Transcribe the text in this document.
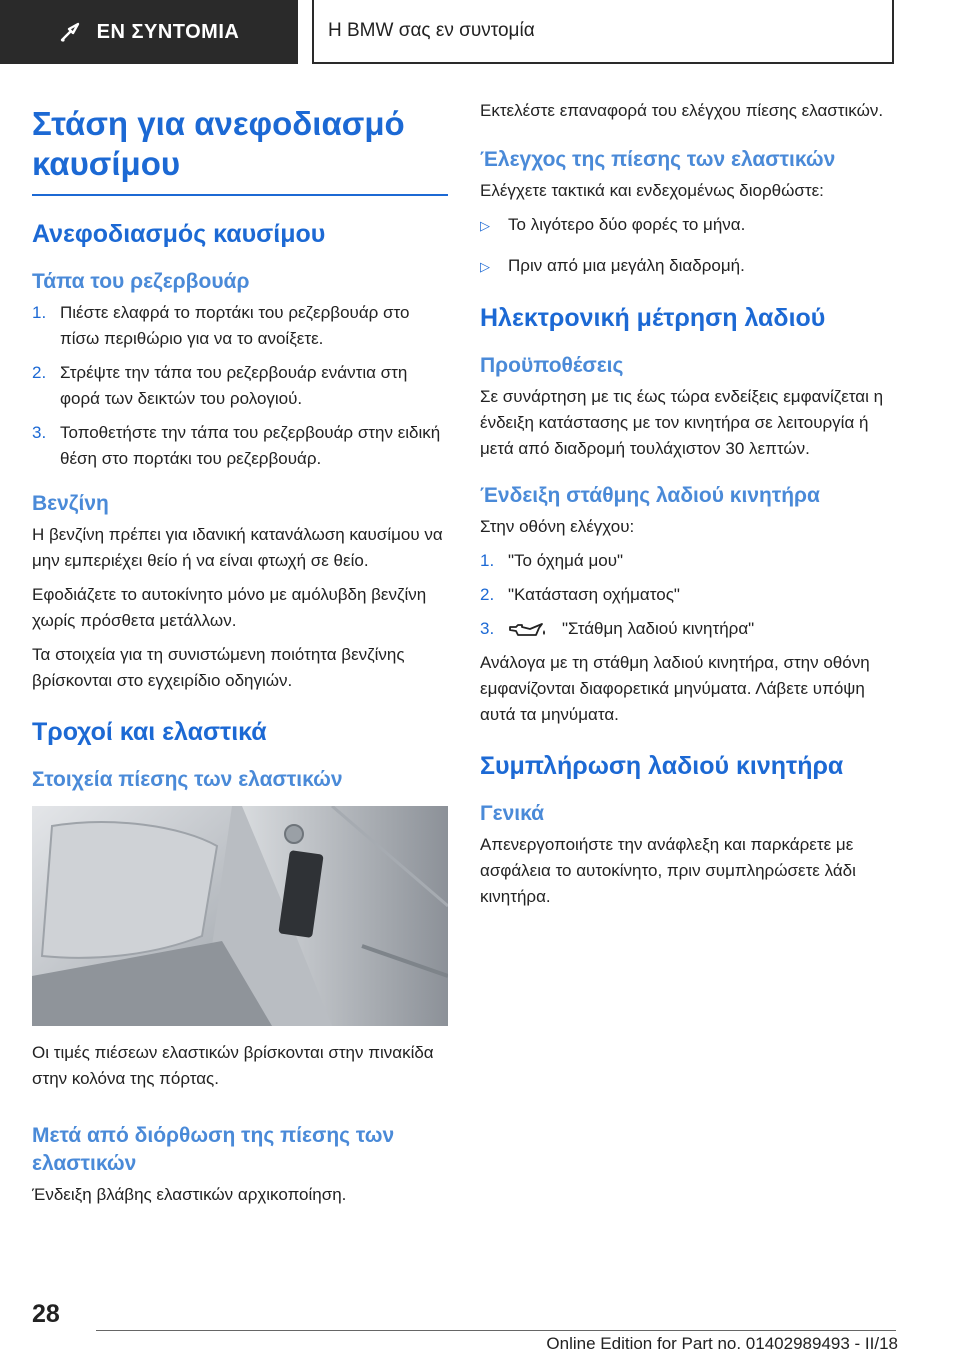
ΕΝ ΣΥΝΤΟΜΙΑ	Η BMW σας εν συντομία
Στάση για ανεφοδιασμό καυσίμου
Ανεφοδιασμός καυσίμου
Τάπα του ρεζερβουάρ
1. Πιέστε ελαφρά το πορτάκι του ρεζερβουάρ στο πίσω περιθώριο για να το ανοίξετε.
2. Στρέψτε την τάπα του ρεζερβουάρ ενάντια στη φορά των δεικτών του ρολογιού.
3. Τοποθετήστε την τάπα του ρεζερβουάρ στην ειδική θέση στο πορτάκι του ρεζερβουάρ.
Βενζίνη

Η βενζίνη πρέπει για ιδανική κατανάλωση καυσίμου να μην εμπεριέχει θείο ή να είναι φτωχή σε θείο.

Εφοδιάζετε το αυτοκίνητο μόνο με αμόλυβδη βενζίνη χωρίς πρόσθετα μετάλλων.

Τα στοιχεία για τη συνιστώμενη ποιότητα βενζίνης βρίσκονται στο εγχειρίδιο οδηγιών.

Τροχοί και ελαστικά
Στοιχεία πίεσης των ελαστικών

Οι τιμές πιέσεων ελαστικών βρίσκονται στην πινακίδα στην κολόνα της πόρτας.

Μετά από διόρθωση της πίεσης των ελαστικών

Ένδειξη βλάβης ελαστικών αρχικοποίηση.

Εκτελέστε επαναφορά του ελέγχου πίεσης ελαστικών.

Έλεγχος της πίεσης των ελαστικών

Ελέγχετε τακτικά και ενδεχομένως διορθώστε:

▷	Το λιγότερο δύο φορές το μήνα.
▷	Πριν από μια μεγάλη διαδρομή.
Ηλεκτρονική μέτρηση λαδιού
Προϋποθέσεις

Σε συνάρτηση με τις έως τώρα ενδείξεις εμφανίζεται η ένδειξη κατάστασης με τον κινητήρα σε λειτουργία ή μετά από διαδρομή τουλάχιστον 30 λεπτών.

Ένδειξη στάθμης λαδιού κινητήρα

Στην οθόνη ελέγχου:

1. "Το όχημά μου"
2. "Κατάσταση οχήματος"
3.	"Στάθμη λαδιού κινητήρα"

Ανάλογα με τη στάθμη λαδιού κινητήρα, στην οθόνη εμφανίζονται διαφορετικά μηνύματα. Λάβετε υπόψη αυτά τα μηνύματα.

Συμπλήρωση λαδιού κινητήρα
Γενικά

Απενεργοποιήστε την ανάφλεξη και παρκάρετε με ασφάλεια το αυτοκίνητο, πριν συμπληρώσετε λάδι κινητήρα.

28
Online Edition for Part no. 01402989493 - II/18
